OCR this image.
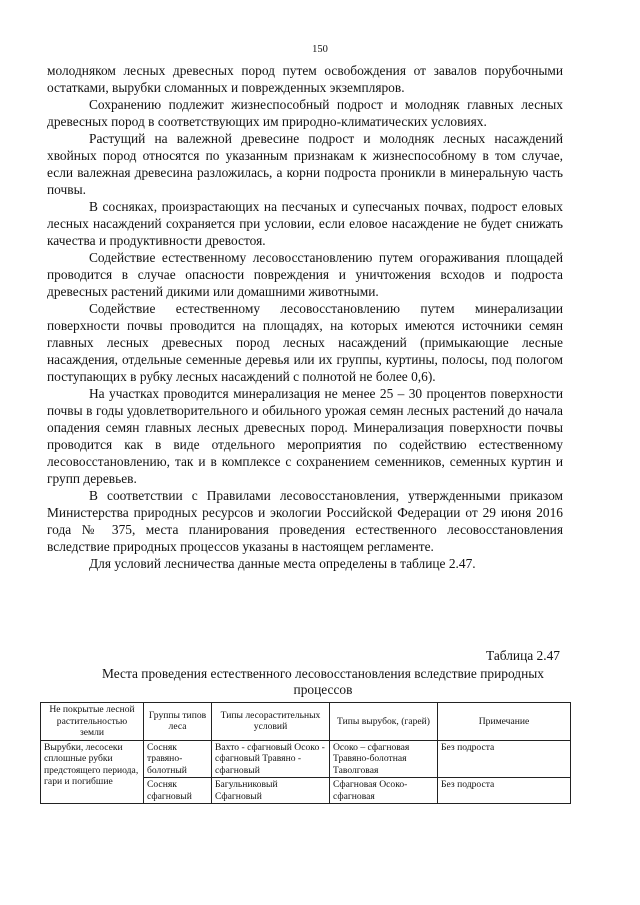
150

молодняком лесных древесных пород путем освобождения от завалов порубочными остатками, вырубки сломанных и поврежденных экземпляров.

Сохранению подлежит жизнеспособный подрост и молодняк главных лесных древесных пород в соответствующих им природно-климатических условиях.

Растущий на валежной древесине подрост и молодняк лесных насаждений хвойных пород относятся по указанным признакам к жизнеспособному в том случае, если валежная древесина разложилась, а корни подроста проникли в минеральную часть почвы.

В сосняках, произрастающих на песчаных и супесчаных почвах, подрост еловых лесных насаждений сохраняется при условии, если еловое насаждение не будет снижать качества и продуктивности древостоя.

Содействие естественному лесовосстановлению путем огораживания площадей проводится в случае опасности повреждения и уничтожения всходов и подроста древесных растений дикими или домашними животными.

Содействие естественному лесовосстановлению путем минерализации поверхности почвы проводится на площадях, на которых имеются источники семян главных лесных древесных пород лесных насаждений (примыкающие лесные насаждения, отдельные семенные деревья или их группы, куртины, полосы, под пологом поступающих в рубку лесных насаждений с полнотой не более 0,6).

На участках проводится минерализация не менее 25 – 30 процентов поверхности почвы в годы удовлетворительного и обильного урожая семян лесных растений до начала опадения семян главных лесных древесных пород. Минерализация поверхности почвы проводится как в виде отдельного мероприятия по содействию естественному лесовосстановлению, так и в комплексе с сохранением семенников, семенных куртин и групп деревьев.

В соответствии с Правилами лесовосстановления, утвержденными приказом Министерства природных ресурсов и экологии Российской Федерации от 29 июня 2016 года № 375, места планирования проведения естественного лесовосстановления вследствие природных процессов указаны в настоящем регламенте.

Для условий лесничества данные места определены в таблице 2.47.

Таблица 2.47
Места проведения естественного лесовосстановления вследствие природных процессов
Не покрытые лесной растительностью земли	Группы типов леса	Типы лесорастительных условий	Типы вырубок, (гарей)	Примечание
Вырубки, лесосеки сплошные рубки предстоящего периода, гари и погибшие	Сосняк травяно-болотный	Вахто - сфагновый Осоко - сфагновый Травяно - сфагновый	Осоко – сфагновая Травяно-болотная Таволговая	Без подроста
	Сосняк сфагновый	Багульниковый Сфагновый	Сфагновая Осоко-сфагновая	Без подроста
